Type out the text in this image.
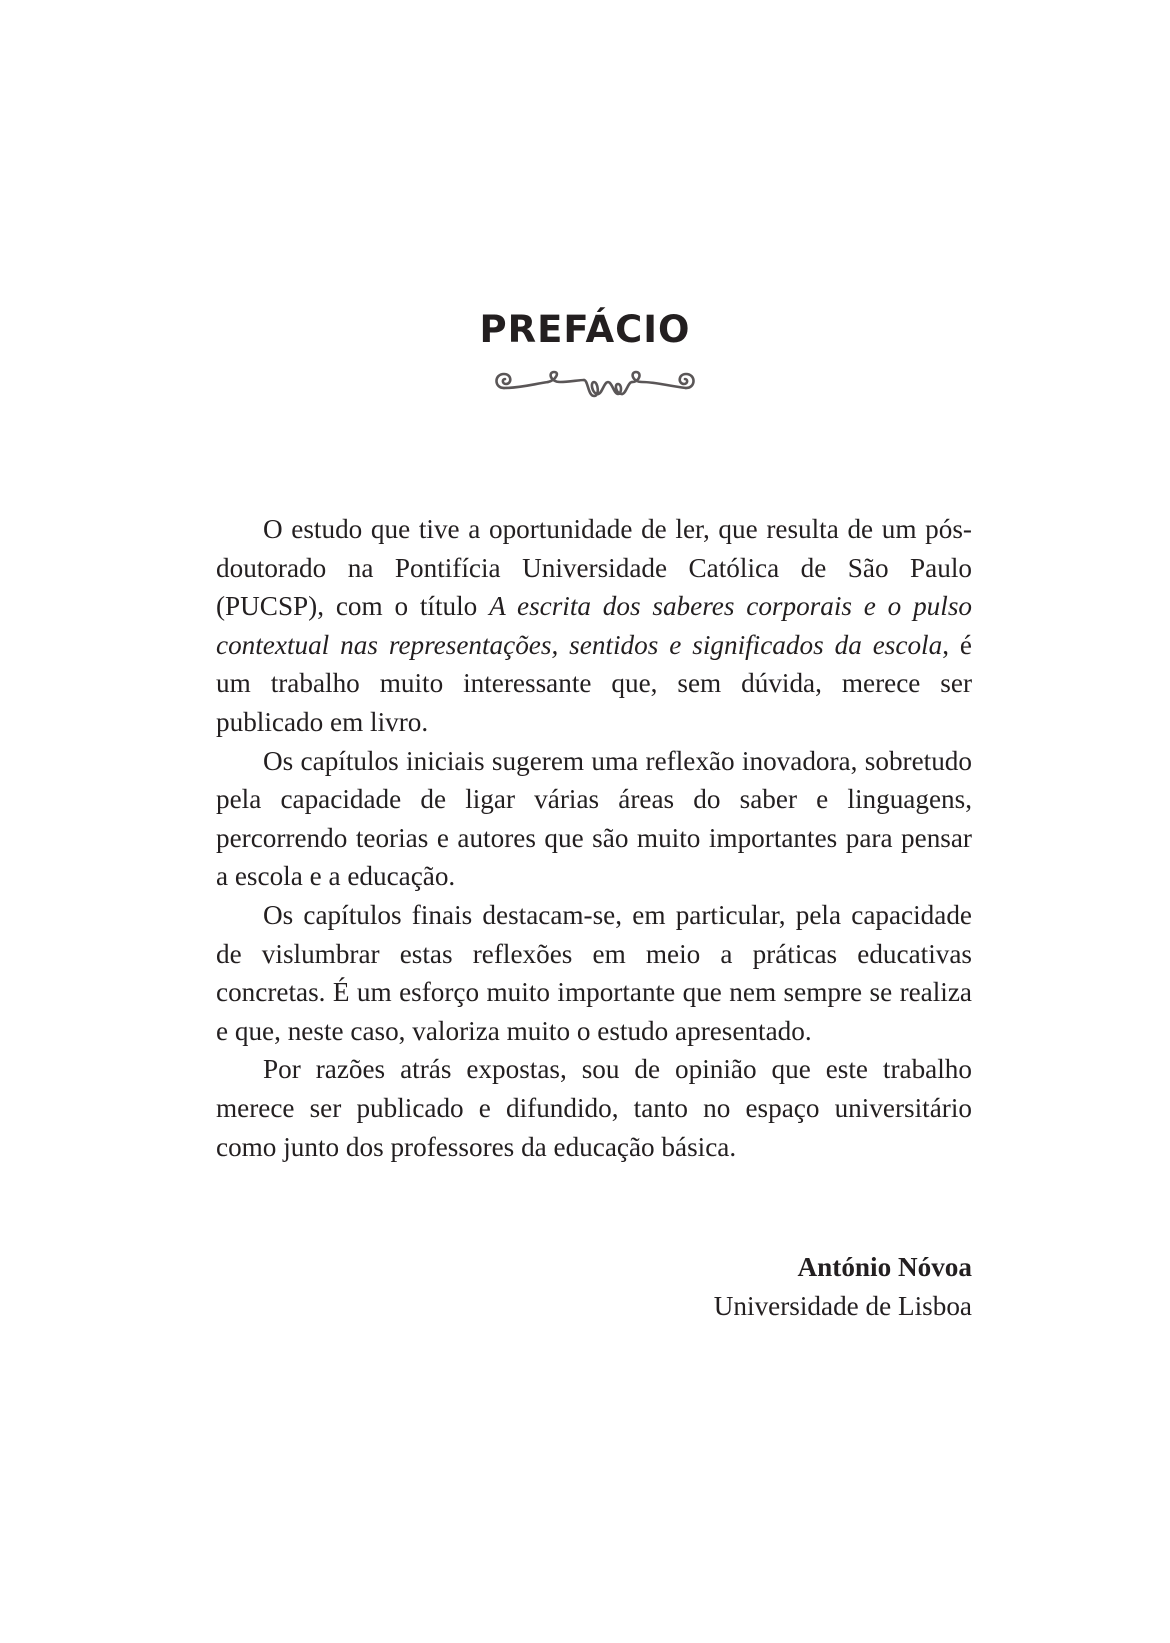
PREFÁCIO

O estudo que tive a oportunidade de ler, que resulta de um pós-doutorado na Pontifícia Universidade Católica de São Paulo (PUCSP), com o título A escrita dos saberes corporais e o pulso contextual nas representações, sentidos e significados da escola, é um trabalho muito interessante que, sem dúvida, merece ser publicado em livro.

Os capítulos iniciais sugerem uma reflexão inovadora, sobretudo pela capacidade de ligar várias áreas do saber e linguagens, percorrendo teorias e autores que são muito importantes para pensar a escola e a educação.

Os capítulos finais destacam-se, em particular, pela capacidade de vislumbrar estas reflexões em meio a práticas educativas concretas. É um esforço muito importante que nem sempre se realiza e que, neste caso, valoriza muito o estudo apresentado.

Por razões atrás expostas, sou de opinião que este trabalho merece ser publicado e difundido, tanto no espaço universitário como junto dos professores da educação básica.

António Nóvoa
Universidade de Lisboa
